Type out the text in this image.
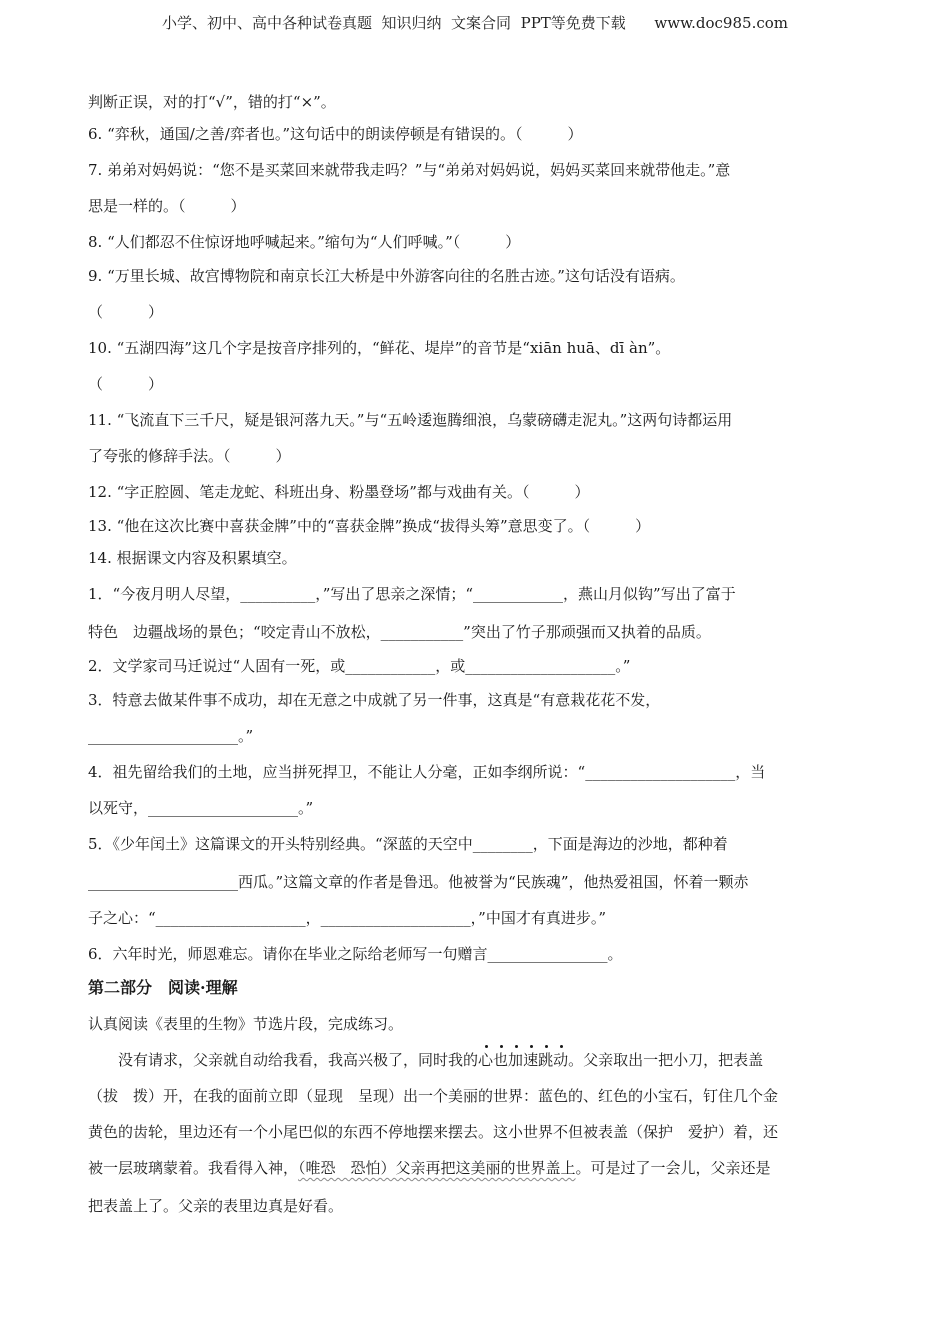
小学、初中、高中各种试卷真题  知识归纳  文案合同  PPT等免费下载      www.doc985.com
判断正误，对的打“√”，错的打“×”。
6. “弈秋，通国/之善/弈者也。”这句话中的朗读停顿是有错误的。（　　　）
7. 弟弟对妈妈说：“您不是买菜回来就带我走吗？”与“弟弟对妈妈说，妈妈买菜回来就带他走。”意
思是一样的。（　　　）
8. “人们都忍不住惊讶地呼喊起来。”缩句为“人们呼喊。”（　　　）
9. “万里长城、故宫博物院和南京长江大桥是中外游客向往的名胜古迹。”这句话没有语病。
（　　　）
10. “五湖四海”这几个字是按音序排列的，“鲜花、堤岸”的音节是“xiān huā、dī àn”。
（　　　）
11. “飞流直下三千尺，疑是银河落九天。”与“五岭逶迤腾细浪，乌蒙磅礴走泥丸。”这两句诗都运用
了夸张的修辞手法。（　　　）
12. “字正腔圆、笔走龙蛇、科班出身、粉墨登场”都与戏曲有关。（　　　）
13. “他在这次比赛中喜获金牌”中的“喜获金牌”换成“拔得头筹”意思变了。（　　　）
14. 根据课文内容及积累填空。
1．“今夜月明人尽望，__________，”写出了思亲之深情；“____________，燕山月似钩”写出了富于
特色　边疆战场的景色；“咬定青山不放松，___________”突出了竹子那顽强而又执着的品质。
2．文学家司马迁说过“人固有一死，或____________，或____________________。”
3．特意去做某件事不成功，却在无意之中成就了另一件事，这真是“有意栽花花不发，
____________________。”
4．祖先留给我们的土地，应当拼死捍卫，不能让人分毫，正如李纲所说：“____________________，当
以死守，____________________。”
5．《少年闰土》这篇课文的开头特别经典。“深蓝的天空中________，下面是海边的沙地，都种着
____________________西瓜。”这篇文章的作者是鲁迅。他被誉为“民族魂”，他热爱祖国，怀着一颗赤
子之心：“____________________，____________________，”中国才有真进步。”
6．六年时光，师恩难忘。请你在毕业之际给老师写一句赠言________________。
第二部分　阅读·理解
认真阅读《表里的生物》节选片段，完成练习。
　　没有请求，父亲就自动给我看，我高兴极了，同时我的心也加速跳动。父亲取出一把小刀，把表盖
（拔　拨）开，在我的面前立即（显现　呈现）出一个美丽的世界：蓝色的、红色的小宝石，钉住几个金
黄色的齿轮，里边还有一个小尾巴似的东西不停地摆来摆去。这小世界不但被表盖（保护　爱护）着，还
被一层玻璃蒙着。我看得入神，（唯恐　恐怕）父亲再把这美丽的世界盖上。可是过了一会儿，父亲还是
把表盖上了。父亲的表里边真是好看。
